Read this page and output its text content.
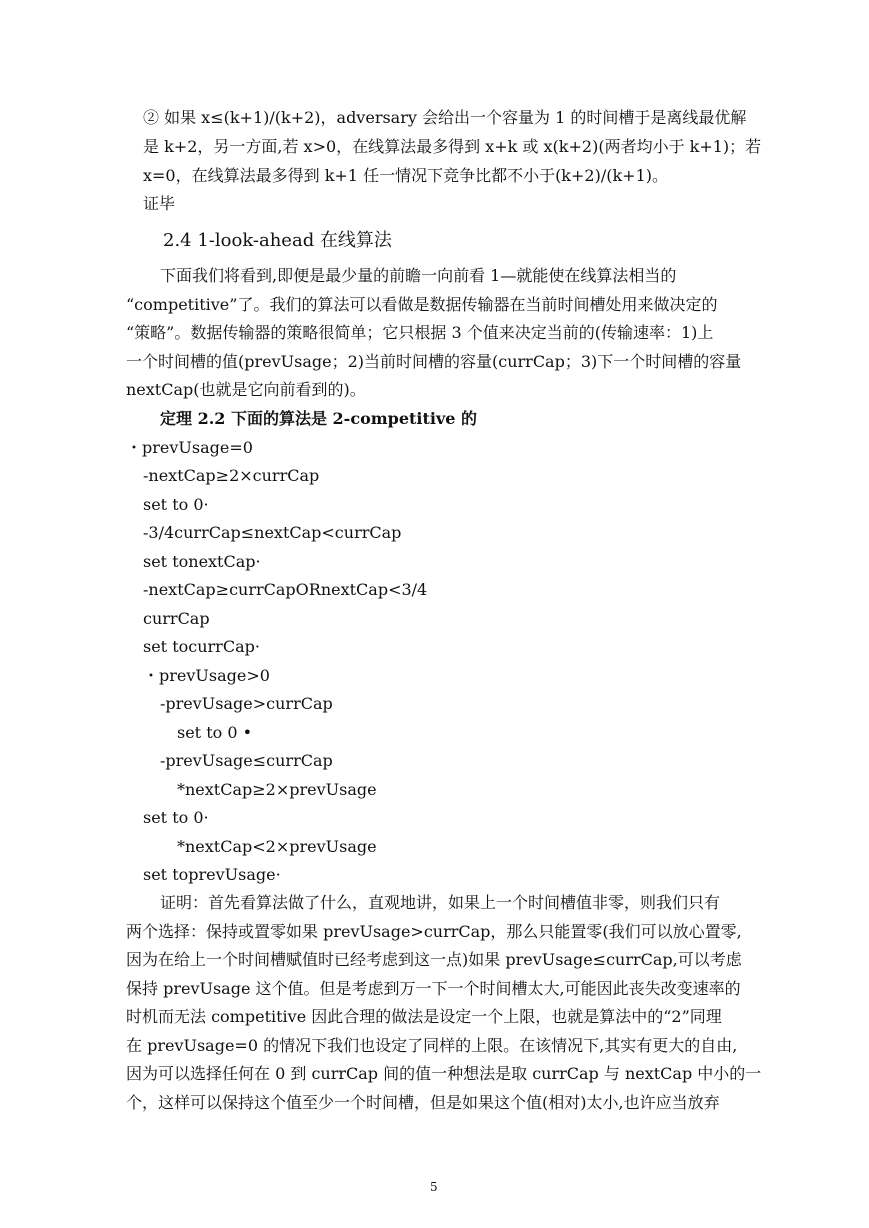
② 如果 x≤(k+1)/(k+2)，adversary 会给出一个容量为 1 的时间槽于是离线最优解
是 k+2，另一方面,若 x>0，在线算法最多得到 x+k 或 x(k+2)(两者均小于 k+1)；若
x=0，在线算法最多得到 k+1 任一情况下竞争比都不小于(k+2)/(k+1)。
证毕
2.4 1-look-ahead 在线算法
下面我们将看到,即便是最少量的前瞻一向前看 1—就能使在线算法相当的
“competitive”了。我们的算法可以看做是数据传输器在当前时间槽处用来做决定的
“策略”。数据传输器的策略很简单；它只根据 3 个值来决定当前的(传输速率：1)上
一个时间槽的值(prevUsage；2)当前时间槽的容量(currCap；3)下一个时间槽的容量
nextCap(也就是它向前看到的)。
定理 2.2 下面的算法是 2-competitive 的
・prevUsage=0
-nextCap≥2×currCap
set to 0·
-3/4currCap≤nextCap<currCap
set tonextCap·
-nextCap≥currCapORnextCap<3/4
currCap
set tocurrCap·
・prevUsage>0
-prevUsage>currCap
set to 0 •
-prevUsage≤currCap
*nextCap≥2×prevUsage
set to 0·
*nextCap<2×prevUsage
set toprevUsage·
证明：首先看算法做了什么，直观地讲，如果上一个时间槽值非零，则我们只有
两个选择：保持或置零如果 prevUsage>currCap，那么只能置零(我们可以放心置零,
因为在给上一个时间槽赋值时已经考虑到这一点)如果 prevUsage≤currCap,可以考虑
保持 prevUsage 这个值。但是考虑到万一下一个时间槽太大,可能因此丧失改变速率的
时机而无法 competitive 因此合理的做法是设定一个上限，也就是算法中的“2”同理
在 prevUsage=0 的情况下我们也设定了同样的上限。在该情况下,其实有更大的自由,
因为可以选择任何在 0 到 currCap 间的值一种想法是取 currCap 与 nextCap 中小的一
个，这样可以保持这个值至少一个时间槽，但是如果这个值(相对)太小,也许应当放弃
5
